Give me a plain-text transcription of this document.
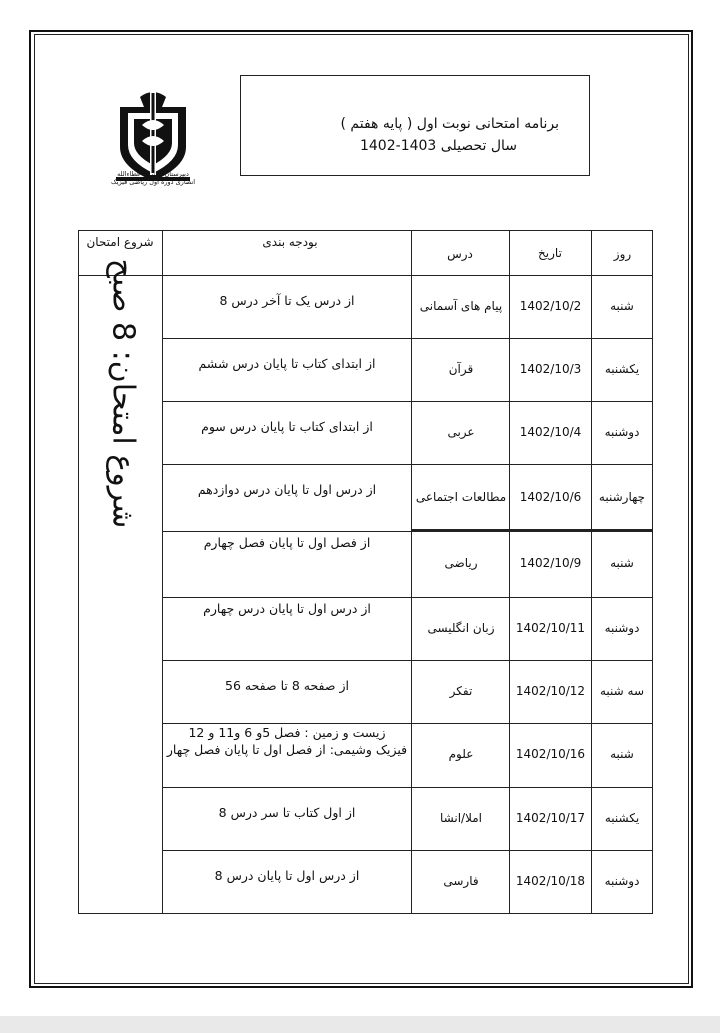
دبیرستان دخترانه عطاءالله انصاری دوره اول ریاضی فیزیک
برنامه امتحانی نوبت اول ( پایه هفتم )
سال تحصیلی 1403-1402
روز
تاریخ
درس
بودجه بندی
شروع امتحان
شروع امتحان: 8 صبح
شنبه
1402/10/2
پیام های آسمانی
از درس یک تا آخر درس 8
یکشنبه
1402/10/3
قرآن
از ابتدای کتاب تا پایان درس ششم
دوشنبه
1402/10/4
عربی
از ابتدای کتاب تا پایان درس سوم
چهارشنبه
1402/10/6
مطالعات اجتماعی
از درس اول تا پایان درس دوازدهم
شنبه
1402/10/9
ریاضی
از فصل اول تا پایان فصل چهارم
دوشنبه
1402/10/11
زبان انگلیسی
از درس اول تا پایان درس چهارم
سه شنبه
1402/10/12
تفکر
از صفحه 8 تا صفحه 56
شنبه
1402/10/16
علوم
زیست و زمین : فصل 5و 6 و11 و 12
فیزیک وشیمی: از فصل اول تا پایان فصل چهار
یکشنبه
1402/10/17
املا/انشا
از اول کتاب تا سر درس 8
دوشنبه
1402/10/18
فارسی
از درس اول تا پایان درس 8
